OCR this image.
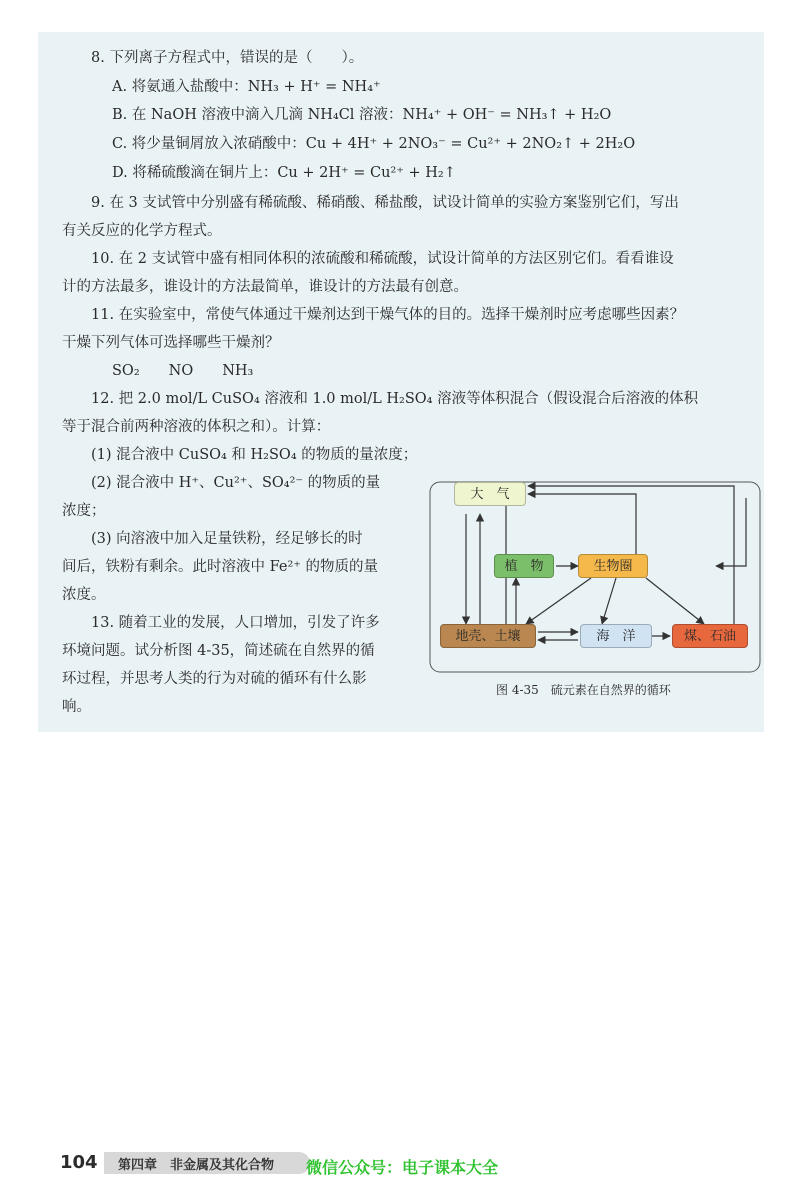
8. 下列离子方程式中，错误的是（　　）。
A. 将氨通入盐酸中：NH₃ + H⁺ = NH₄⁺
B. 在 NaOH 溶液中滴入几滴 NH₄Cl 溶液：NH₄⁺ + OH⁻ = NH₃↑ + H₂O
C. 将少量铜屑放入浓硝酸中：Cu + 4H⁺ + 2NO₃⁻ = Cu²⁺ + 2NO₂↑ + 2H₂O
D. 将稀硫酸滴在铜片上：Cu + 2H⁺ = Cu²⁺ + H₂↑
9. 在 3 支试管中分别盛有稀硫酸、稀硝酸、稀盐酸，试设计简单的实验方案鉴别它们，写出
有关反应的化学方程式。
10. 在 2 支试管中盛有相同体积的浓硫酸和稀硫酸，试设计简单的方法区别它们。看看谁设
计的方法最多，谁设计的方法最简单，谁设计的方法最有创意。
11. 在实验室中，常使气体通过干燥剂达到干燥气体的目的。选择干燥剂时应考虑哪些因素？
干燥下列气体可选择哪些干燥剂？
SO₂　　NO　　NH₃
12. 把 2.0 mol/L CuSO₄ 溶液和 1.0 mol/L H₂SO₄ 溶液等体积混合（假设混合后溶液的体积
等于混合前两种溶液的体积之和）。计算：
(1) 混合液中 CuSO₄ 和 H₂SO₄ 的物质的量浓度；
(2) 混合液中 H⁺、Cu²⁺、SO₄²⁻ 的物质的量
浓度；
(3) 向溶液中加入足量铁粉，经足够长的时
间后，铁粉有剩余。此时溶液中 Fe²⁺ 的物质的量
浓度。
13. 随着工业的发展，人口增加，引发了许多
环境问题。试分析图 4-35，简述硫在自然界的循
环过程，并思考人类的行为对硫的循环有什么影
响。
大　气
植　物	生物圈
地壳、土壤	海　洋	煤、石油
图 4-35　硫元素在自然界的循环
104 第四章　非金属及其化合物 微信公众号：电子课本大全
